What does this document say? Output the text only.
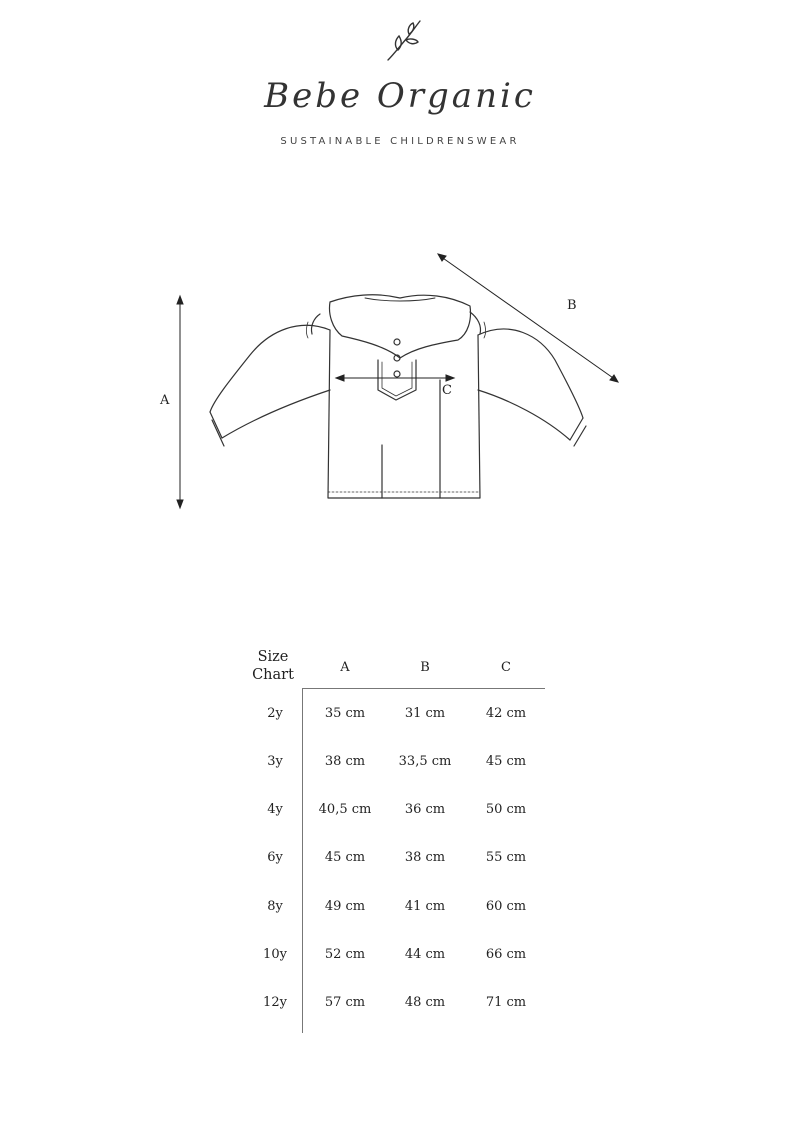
Bebe Organic
SUSTAINABLE CHILDRENSWEAR
A
B
C
Size Chart	A	B	C
2y	35 cm	31 cm	42 cm
3y	38 cm	33,5 cm	45 cm
4y	40,5 cm	36 cm	50 cm
6y	45 cm	38 cm	55 cm
8y	49 cm	41 cm	60 cm
10y	52 cm	44 cm	66 cm
12y	57 cm	48 cm	71 cm
